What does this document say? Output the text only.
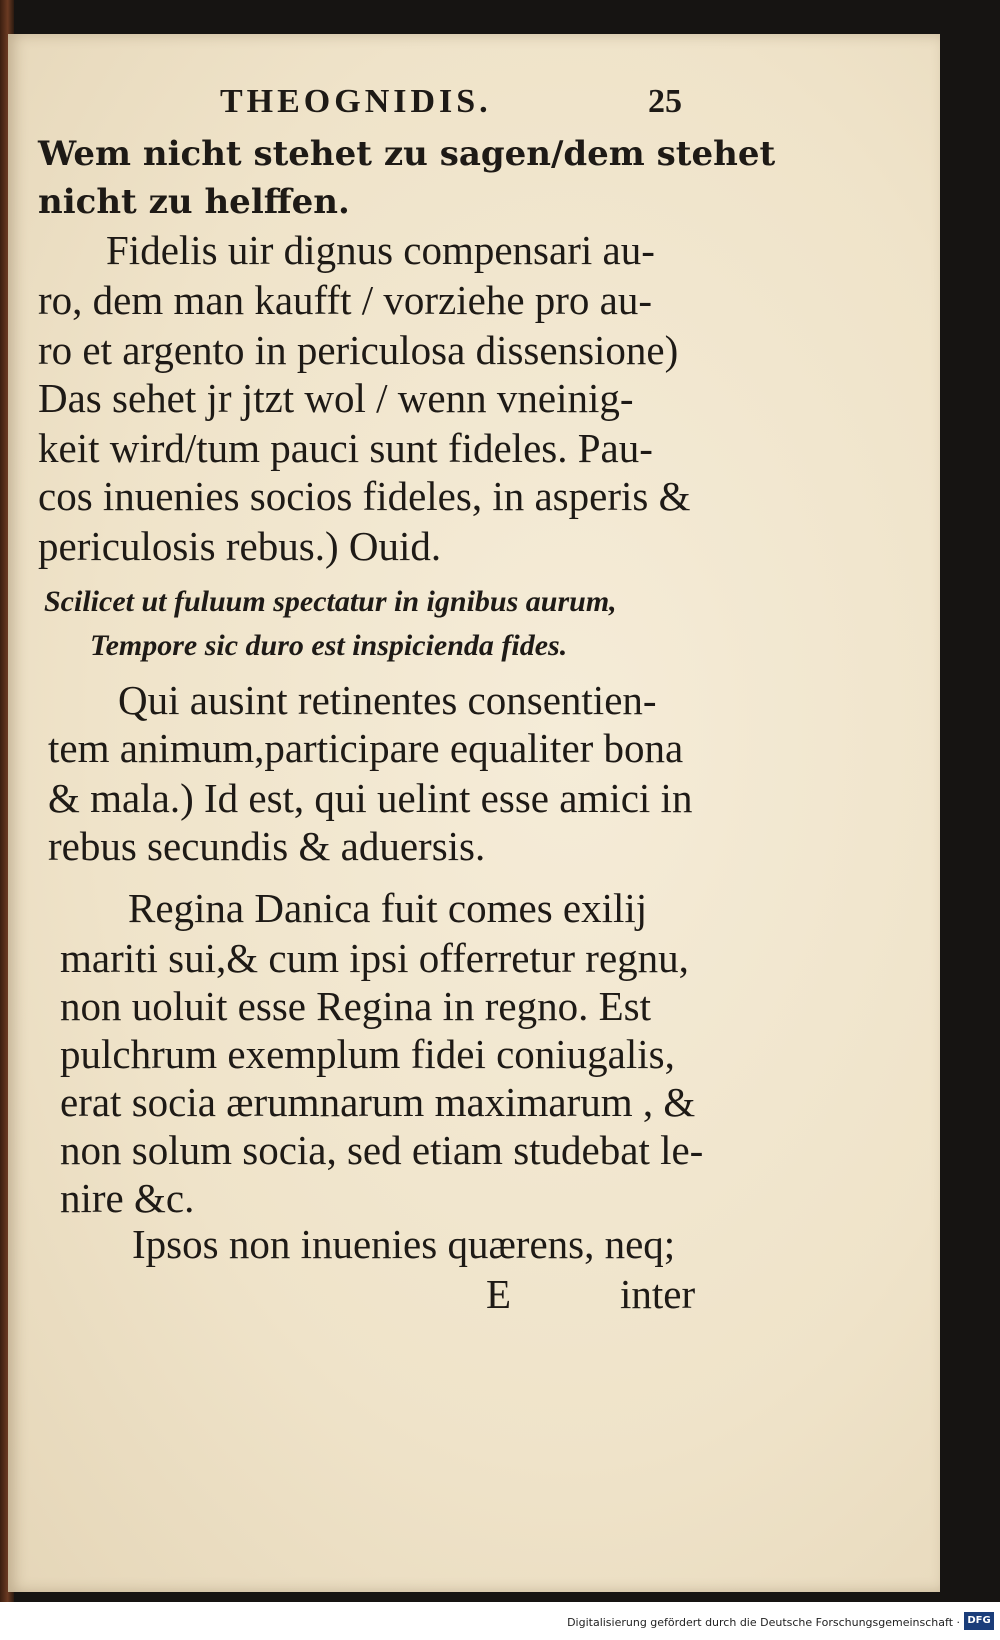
THEOGNIDIS.	25
Wem nicht stehet zu sagen/dem stehet
nicht zu helffen.
Fidelis uir dignus compensari au-
ro, dem man kaufft / vorziehe pro au-
ro et argento in periculosa dissensione)
Das sehet jr jtzt wol / wenn vneinig-
keit wird/tum pauci sunt fideles. Pau-
cos inuenies socios fideles, in asperis &
periculosis rebus.) Ouid.
Scilicet ut fuluum spectatur in ignibus aurum,
Tempore sic duro est inspicienda fides.
Qui ausint retinentes consentien-
tem animum,participare equaliter bona
& mala.) Id est, qui uelint esse amici in
rebus secundis & aduersis.
Regina Danica fuit comes exilij
mariti sui,& cum ipsi offerretur regnu,
non uoluit esse Regina in regno. Est
pulchrum exemplum fidei coniugalis,
erat socia ærumnarum maximarum , &
non solum socia, sed etiam studebat le-
nire &c.
Ipsos non inuenies quærens, neq;
E	inter
Digitalisierung gefördert durch die Deutsche Forschungsgemeinschaft · DFG
